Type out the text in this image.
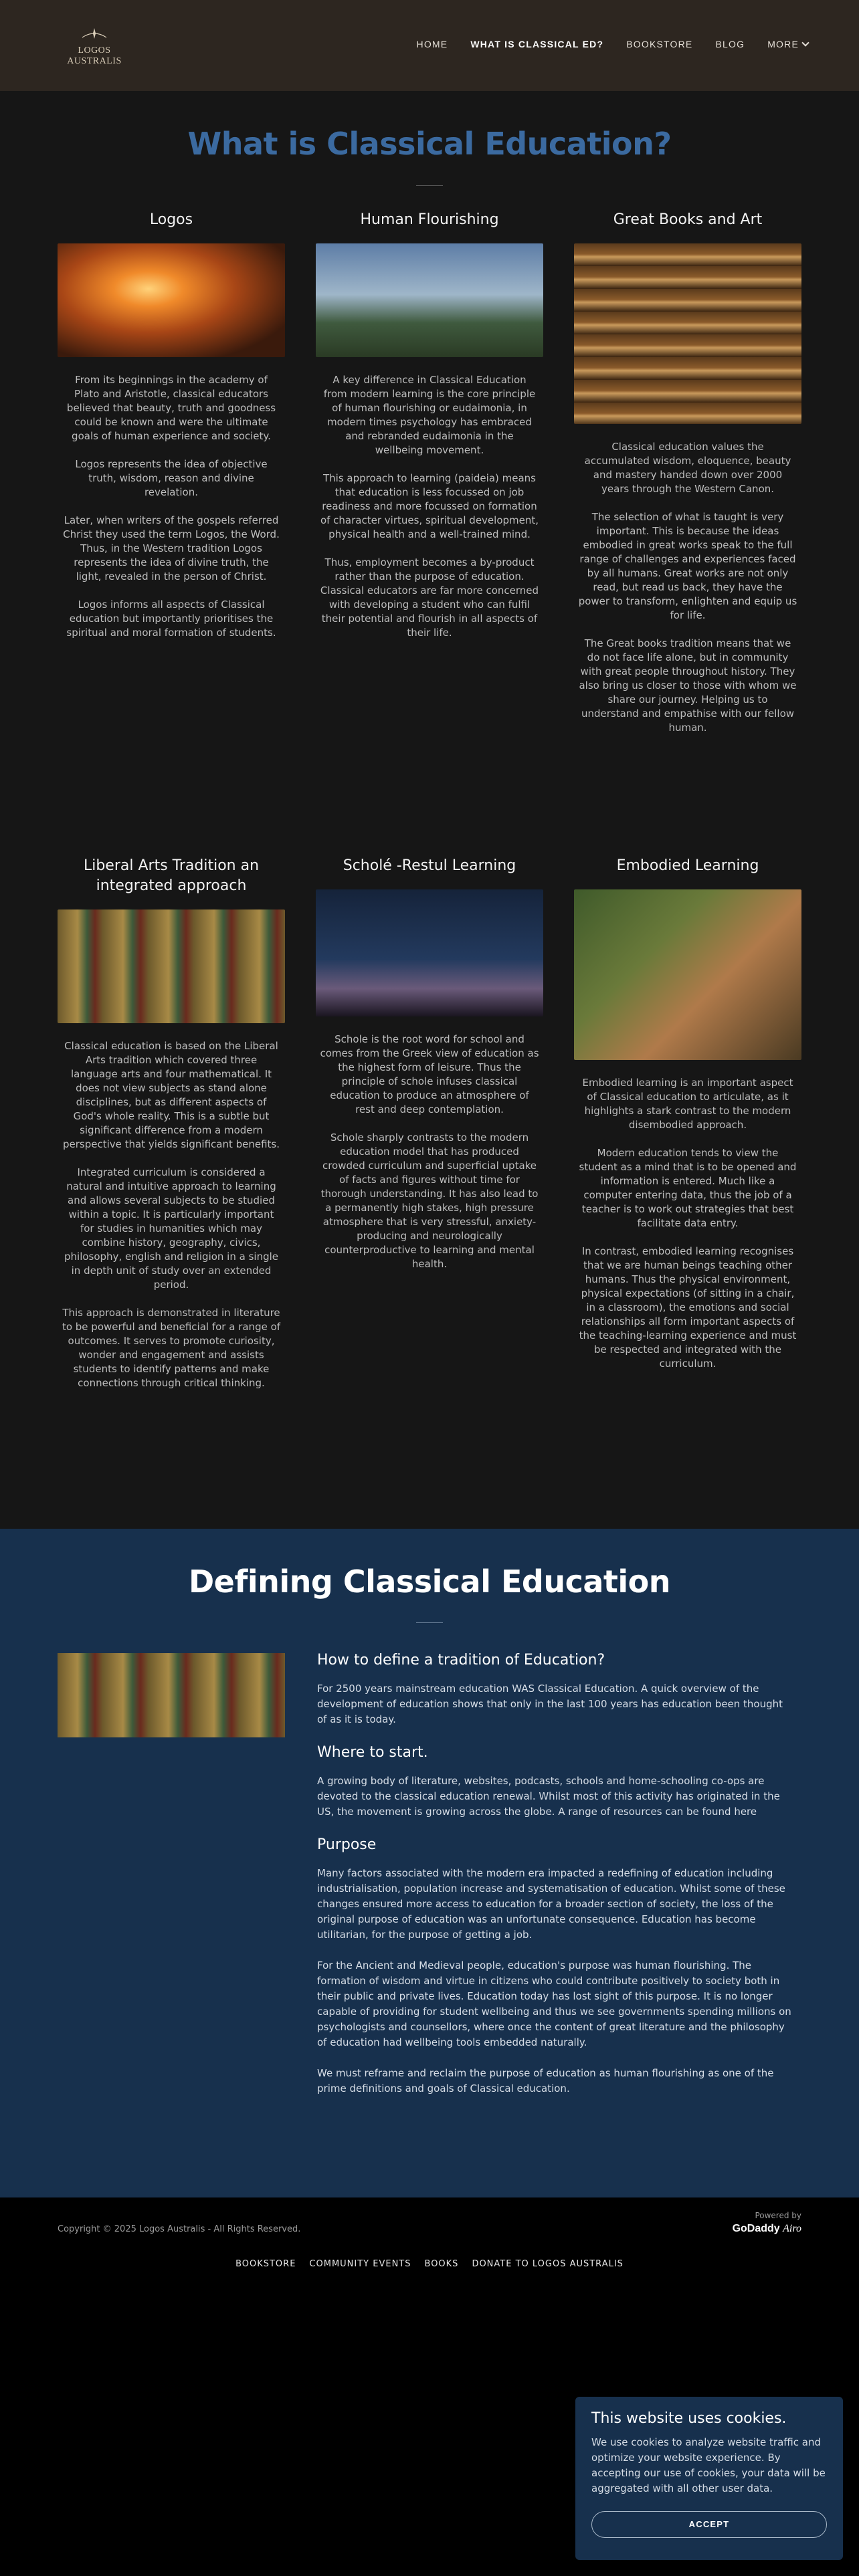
LOGOS AUSTRALIS
HOME WHAT IS CLASSICAL ED? BOOKSTORE BLOG MORE
What is Classical Education?
Logos

From its beginnings in the academy of Plato and Aristotle, classical educators believed that beauty, truth and goodness could be known and were the ultimate goals of human experience and society.

Logos represents the idea of objective truth, wisdom, reason and divine revelation.

Later, when writers of the gospels referred Christ they used the term Logos, the Word. Thus, in the Western tradition Logos represents the idea of divine truth, the light, revealed in the person of Christ.

Logos informs all aspects of Classical education but importantly prioritises the spiritual and moral formation of students.

Human Flourishing

A key difference in Classical Education from modern learning is the core principle of human flourishing or eudaimonia, in modern times psychology has embraced and rebranded eudaimonia in the wellbeing movement.

This approach to learning (paideia) means that education is less focussed on job readiness and more focussed on formation of character virtues, spiritual development, physical health and a well-trained mind.

Thus, employment becomes a by-product rather than the purpose of education. Classical educators are far more concerned with developing a student who can fulfil their potential and flourish in all aspects of their life.

Great Books and Art

Classical education values the accumulated wisdom, eloquence, beauty and mastery handed down over 2000 years through the Western Canon.

The selection of what is taught is very important. This is because the ideas embodied in great works speak to the full range of challenges and experiences faced by all humans. Great works are not only read, but read us back, they have the power to transform, enlighten and equip us for life.

The Great books tradition means that we do not face life alone, but in community with great people throughout history. They also bring us closer to those with whom we share our journey. Helping us to understand and empathise with our fellow human.

Liberal Arts Tradition an integrated approach

Classical education is based on the Liberal Arts tradition which covered three language arts and four mathematical. It does not view subjects as stand alone disciplines, but as different aspects of God's whole reality. This is a subtle but significant difference from a modern perspective that yields significant benefits.

Integrated curriculum is considered a natural and intuitive approach to learning and allows several subjects to be studied within a topic. It is particularly important for studies in humanities which may combine history, geography, civics, philosophy, english and religion in a single in depth unit of study over an extended period.

This approach is demonstrated in literature to be powerful and beneficial for a range of outcomes. It serves to promote curiosity, wonder and engagement and assists students to identify patterns and make connections through critical thinking.

Scholé -Restul Learning

Schole is the root word for school and comes from the Greek view of education as the highest form of leisure. Thus the principle of schole infuses classical education to produce an atmosphere of rest and deep contemplation.

Schole sharply contrasts to the modern education model that has produced crowded curriculum and superficial uptake of facts and figures without time for thorough understanding. It has also lead to a permanently high stakes, high pressure atmosphere that is very stressful, anxiety-producing and neurologically counterproductive to learning and mental health.

Embodied Learning

Embodied learning is an important aspect of Classical education to articulate, as it highlights a stark contrast to the modern disembodied approach.

Modern education tends to view the student as a mind that is to be opened and information is entered. Much like a computer entering data, thus the job of a teacher is to work out strategies that best facilitate data entry.

In contrast, embodied learning recognises that we are human beings teaching other humans. Thus the physical environment, physical expectations (of sitting in a chair, in a classroom), the emotions and social relationships all form important aspects of the teaching-learning experience and must be respected and integrated with the curriculum.

Defining Classical Education
How to define a tradition of Education?

For 2500 years mainstream education WAS Classical Education. A quick overview of the development of education shows that only in the last 100 years has education been thought of as it is today.

Where to start.

A growing body of literature, websites, podcasts, schools and home-schooling co-ops are devoted to the classical education renewal. Whilst most of this activity has originated in the US, the movement is growing across the globe. A range of resources can be found here

Purpose

Many factors associated with the modern era impacted a redefining of education including industrialisation, population increase and systematisation of education. Whilst some of these changes ensured more access to education for a broader section of society, the loss of the original purpose of education was an unfortunate consequence. Education has become utilitarian, for the purpose of getting a job.

For the Ancient and Medieval people, education's purpose was human flourishing. The formation of wisdom and virtue in citizens who could contribute positively to society both in their public and private lives. Education today has lost sight of this purpose. It is no longer capable of providing for student wellbeing and thus we see governments spending millions on psychologists and counsellors, where once the content of great literature and the philosophy of education had wellbeing tools embedded naturally.

We must reframe and reclaim the purpose of education as human flourishing as one of the prime definitions and goals of Classical education.

Copyright © 2025 Logos Australis - All Rights Reserved.
Powered by
GoDaddy Airo
BOOKSTORE COMMUNITY EVENTS BOOKS DONATE TO LOGOS AUSTRALIS
This website uses cookies.
We use cookies to analyze website traffic and optimize your website experience. By accepting our use of cookies, your data will be aggregated with all other user data.
ACCEPT
